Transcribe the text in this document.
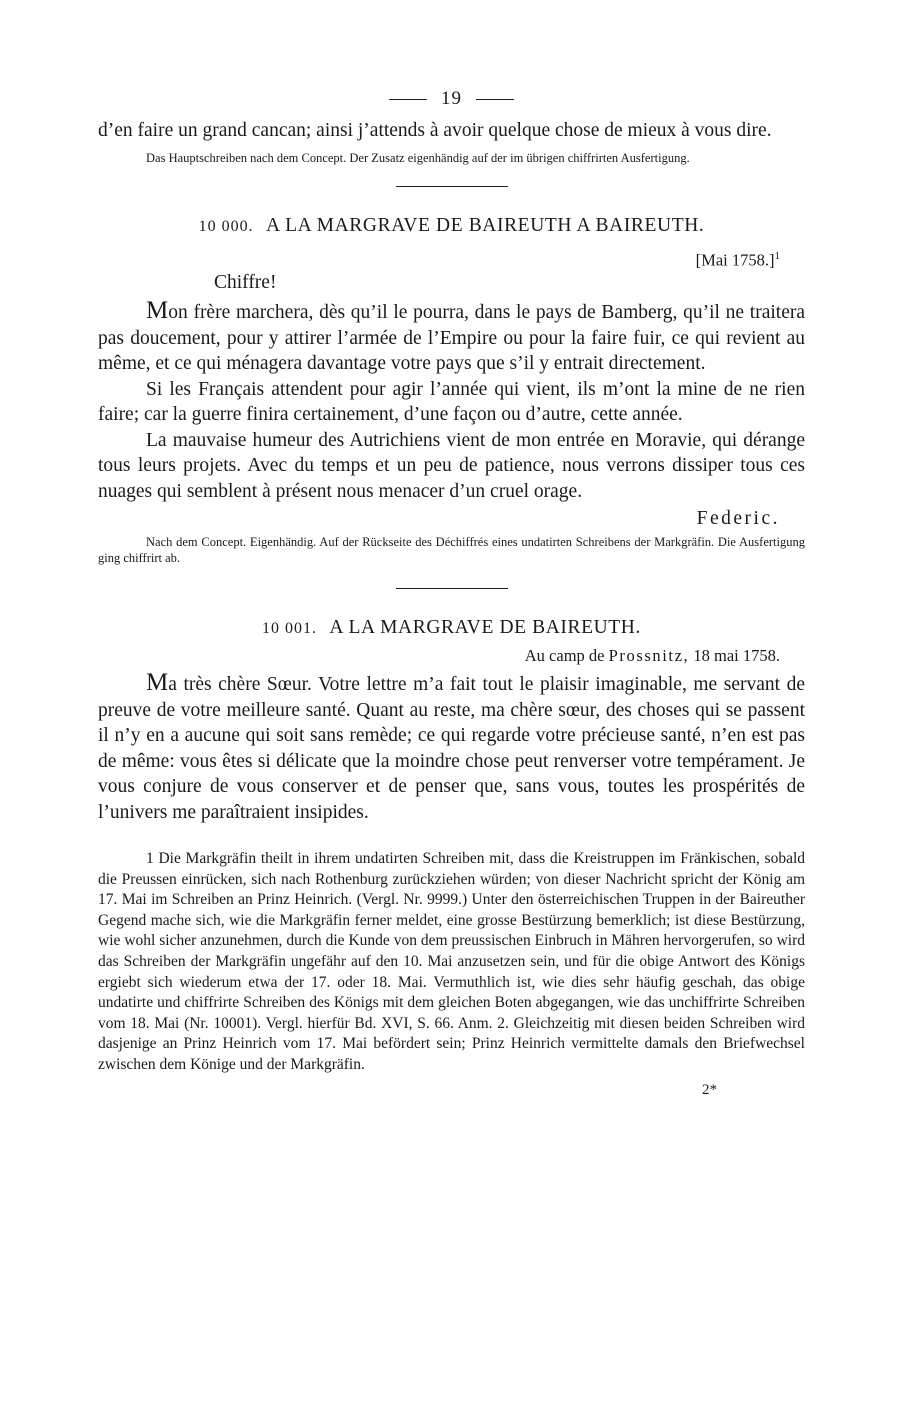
19

d’en faire un grand cancan; ainsi j’attends à avoir quelque chose de mieux à vous dire.

Das Hauptschreiben nach dem Concept. Der Zusatz eigenhändig auf der im übrigen chiffrirten Ausfertigung.

10 000. A LA MARGRAVE DE BAIREUTH A BAIREUTH.

[Mai 1758.]$^1$

Chiffre!

Mon frère marchera, dès qu’il le pourra, dans le pays de Bamberg, qu’il ne traitera pas doucement, pour y attirer l’armée de l’Empire ou pour la faire fuir, ce qui revient au même, et ce qui ménagera davantage votre pays que s’il y entrait directement.

Si les Français attendent pour agir l’année qui vient, ils m’ont la mine de ne rien faire; car la guerre finira certainement, d’une façon ou d’autre, cette année.

La mauvaise humeur des Autrichiens vient de mon entrée en Moravie, qui dérange tous leurs projets. Avec du temps et un peu de patience, nous verrons dissiper tous ces nuages qui semblent à présent nous menacer d’un cruel orage.

Federic.

Nach dem Concept. Eigenhändig. Auf der Rückseite des Déchiffrés eines undatirten Schreibens der Markgräfin. Die Ausfertigung ging chiffrirt ab.

10 001. A LA MARGRAVE DE BAIREUTH.

Au camp de Prossnitz, 18 mai 1758.

Ma très chère Sœur. Votre lettre m’a fait tout le plaisir imaginable, me servant de preuve de votre meilleure santé. Quant au reste, ma chère sœur, des choses qui se passent il n’y en a aucune qui soit sans remède; ce qui regarde votre précieuse santé, n’en est pas de même: vous êtes si délicate que la moindre chose peut renverser votre tempérament. Je vous conjure de vous conserver et de penser que, sans vous, toutes les prospérités de l’univers me paraîtraient insipides.

1 Die Markgräfin theilt in ihrem undatirten Schreiben mit, dass die Kreistruppen im Fränkischen, sobald die Preussen einrücken, sich nach Rothenburg zurückziehen würden; von dieser Nachricht spricht der König am 17. Mai im Schreiben an Prinz Heinrich. (Vergl. Nr. 9999.) Unter den österreichischen Truppen in der Baireuther Gegend mache sich, wie die Markgräfin ferner meldet, eine grosse Bestürzung bemerklich; ist diese Bestürzung, wie wohl sicher anzunehmen, durch die Kunde von dem preussischen Einbruch in Mähren hervorgerufen, so wird das Schreiben der Markgräfin ungefähr auf den 10. Mai anzusetzen sein, und für die obige Antwort des Königs ergiebt sich wiederum etwa der 17. oder 18. Mai. Vermuthlich ist, wie dies sehr häufig geschah, das obige undatirte und chiffrirte Schreiben des Königs mit dem gleichen Boten abgegangen, wie das unchiffrirte Schreiben vom 18. Mai (Nr. 10001). Vergl. hierfür Bd. XVI, S. 66. Anm. 2. Gleichzeitig mit diesen beiden Schreiben wird dasjenige an Prinz Heinrich vom 17. Mai befördert sein; Prinz Heinrich vermittelte damals den Briefwechsel zwischen dem Könige und der Markgräfin.

2*
